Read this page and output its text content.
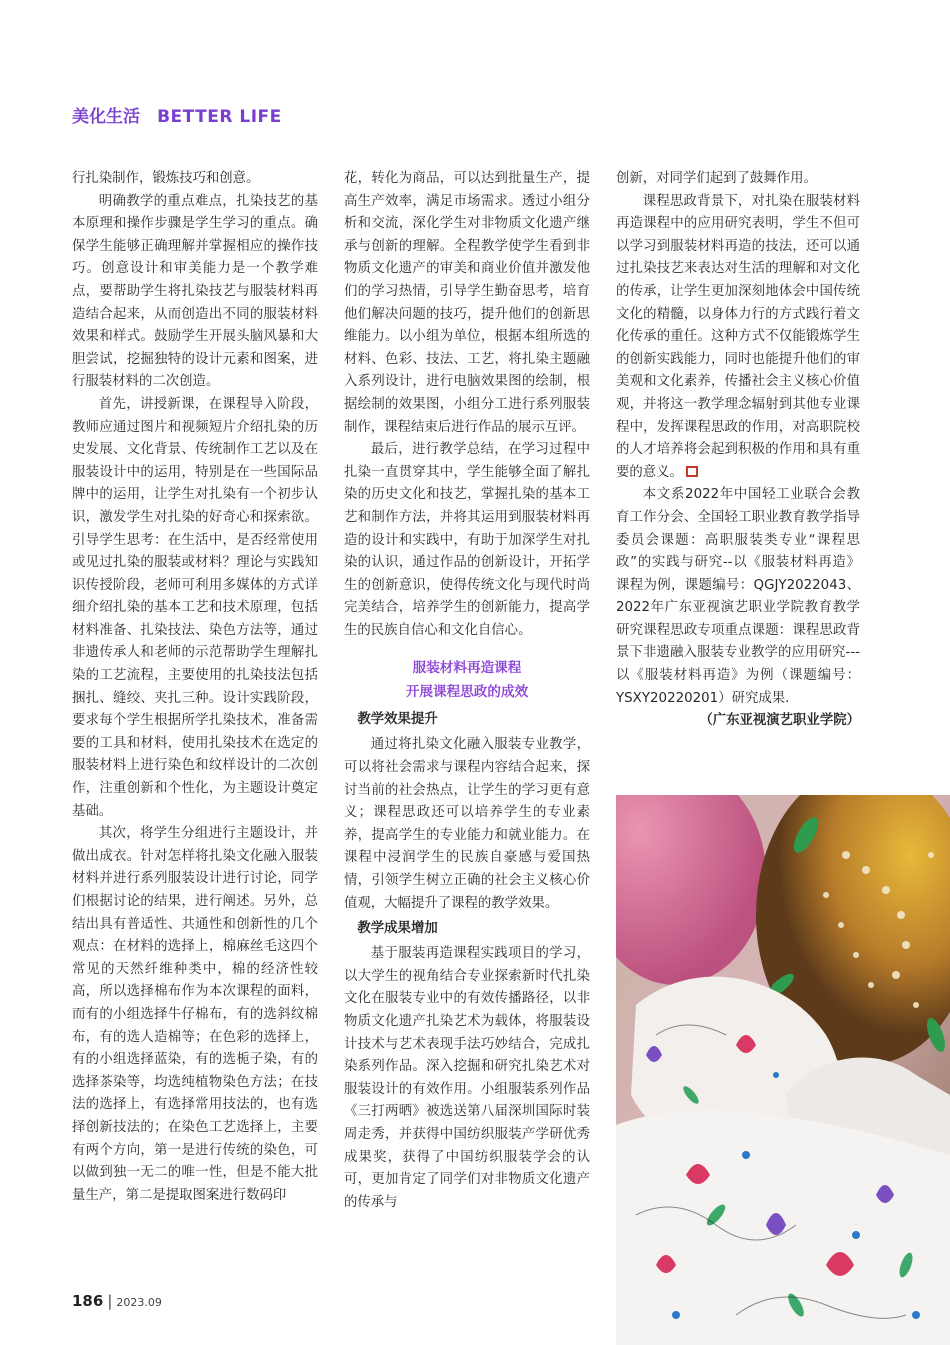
美化生活 BETTER LIFE

行扎染制作，锻炼技巧和创意。

明确教学的重点难点，扎染技艺的基本原理和操作步骤是学生学习的重点。确保学生能够正确理解并掌握相应的操作技巧。创意设计和审美能力是一个教学难点，要帮助学生将扎染技艺与服装材料再造结合起来，从而创造出不同的服装材料效果和样式。鼓励学生开展头脑风暴和大胆尝试，挖掘独特的设计元素和图案，进行服装材料的二次创造。

首先，讲授新课，在课程导入阶段，教师应通过图片和视频短片介绍扎染的历史发展、文化背景、传统制作工艺以及在服装设计中的运用，特别是在一些国际品牌中的运用，让学生对扎染有一个初步认识，激发学生对扎染的好奇心和探索欲。引导学生思考：在生活中，是否经常使用或见过扎染的服装或材料？理论与实践知识传授阶段，老师可利用多媒体的方式详细介绍扎染的基本工艺和技术原理，包括材料准备、扎染技法、染色方法等，通过非遗传承人和老师的示范帮助学生理解扎染的工艺流程，主要使用的扎染技法包括捆扎、缝绞、夹扎三种。设计实践阶段，要求每个学生根据所学扎染技术，准备需要的工具和材料，使用扎染技术在选定的服装材料上进行染色和纹样设计的二次创作，注重创新和个性化，为主题设计奠定基础。

其次，将学生分组进行主题设计，并做出成衣。针对怎样将扎染文化融入服装材料并进行系列服装设计进行讨论，同学们根据讨论的结果，进行阐述。另外，总结出具有普适性、共通性和创新性的几个观点：在材料的选择上，棉麻丝毛这四个常见的天然纤维种类中，棉的经济性较高，所以选择棉布作为本次课程的面料，而有的小组选择牛仔棉布，有的选斜纹棉布，有的选人造棉等；在色彩的选择上，有的小组选择蓝染，有的选栀子染，有的选择茶染等，均选纯植物染色方法；在技法的选择上，有选择常用技法的，也有选择创新技法的；在染色工艺选择上，主要有两个方向，第一是进行传统的染色，可以做到独一无二的唯一性，但是不能大批量生产，第二是提取图案进行数码印

花，转化为商品，可以达到批量生产，提高生产效率，满足市场需求。透过小组分析和交流，深化学生对非物质文化遗产继承与创新的理解。全程教学使学生看到非物质文化遗产的审美和商业价值并激发他们的学习热情，引导学生勤奋思考，培育他们解决问题的技巧，提升他们的创新思维能力。以小组为单位，根据本组所选的材料、色彩、技法、工艺，将扎染主题融入系列设计，进行电脑效果图的绘制，根据绘制的效果图，小组分工进行系列服装制作，课程结束后进行作品的展示互评。

最后，进行教学总结，在学习过程中扎染一直贯穿其中，学生能够全面了解扎染的历史文化和技艺，掌握扎染的基本工艺和制作方法，并将其运用到服装材料再造的设计和实践中，有助于加深学生对扎染的认识，通过作品的创新设计，开拓学生的创新意识，使得传统文化与现代时尚完美结合，培养学生的创新能力，提高学生的民族自信心和文化自信心。

服装材料再造课程
开展课程思政的成效
教学效果提升

通过将扎染文化融入服装专业教学，可以将社会需求与课程内容结合起来，探讨当前的社会热点，让学生的学习更有意义；课程思政还可以培养学生的专业素养，提高学生的专业能力和就业能力。在课程中浸润学生的民族自豪感与爱国热情，引领学生树立正确的社会主义核心价值观，大幅提升了课程的教学效果。

教学成果增加

基于服装再造课程实践项目的学习，以大学生的视角结合专业探索新时代扎染文化在服装专业中的有效传播路径，以非物质文化遗产扎染艺术为载体，将服装设计技术与艺术表现手法巧妙结合，完成扎染系列作品。深入挖掘和研究扎染艺术对服装设计的有效作用。小组服装系列作品《三打两晒》被选送第八届深圳国际时装周走秀，并获得中国纺织服装产学研优秀成果奖，获得了中国纺织服装学会的认可，更加肯定了同学们对非物质文化遗产的传承与

创新，对同学们起到了鼓舞作用。

课程思政背景下，对扎染在服装材料再造课程中的应用研究表明，学生不但可以学习到服装材料再造的技法，还可以通过扎染技艺来表达对生活的理解和对文化的传承，让学生更加深刻地体会中国传统文化的精髓，以身体力行的方式践行着文化传承的重任。这种方式不仅能锻炼学生的创新实践能力，同时也能提升他们的审美观和文化素养，传播社会主义核心价值观，并将这一教学理念辐射到其他专业课程中，发挥课程思政的作用，对高职院校的人才培养将会起到积极的作用和具有重要的意义。

本文系2022年中国轻工业联合会教育工作分会、全国轻工职业教育教学指导委员会课题：高职服装类专业“课程思政”的实践与研究--以《服装材料再造》课程为例，课题编号：QGJY2022043、2022年广东亚视演艺职业学院教育教学研究课程思政专项重点课题：课程思政背景下非遗融入服装专业教学的应用研究---以《服装材料再造》为例（课题编号：YSXY20220201）研究成果.

（广东亚视演艺职业学院）

186 | 2023.09
